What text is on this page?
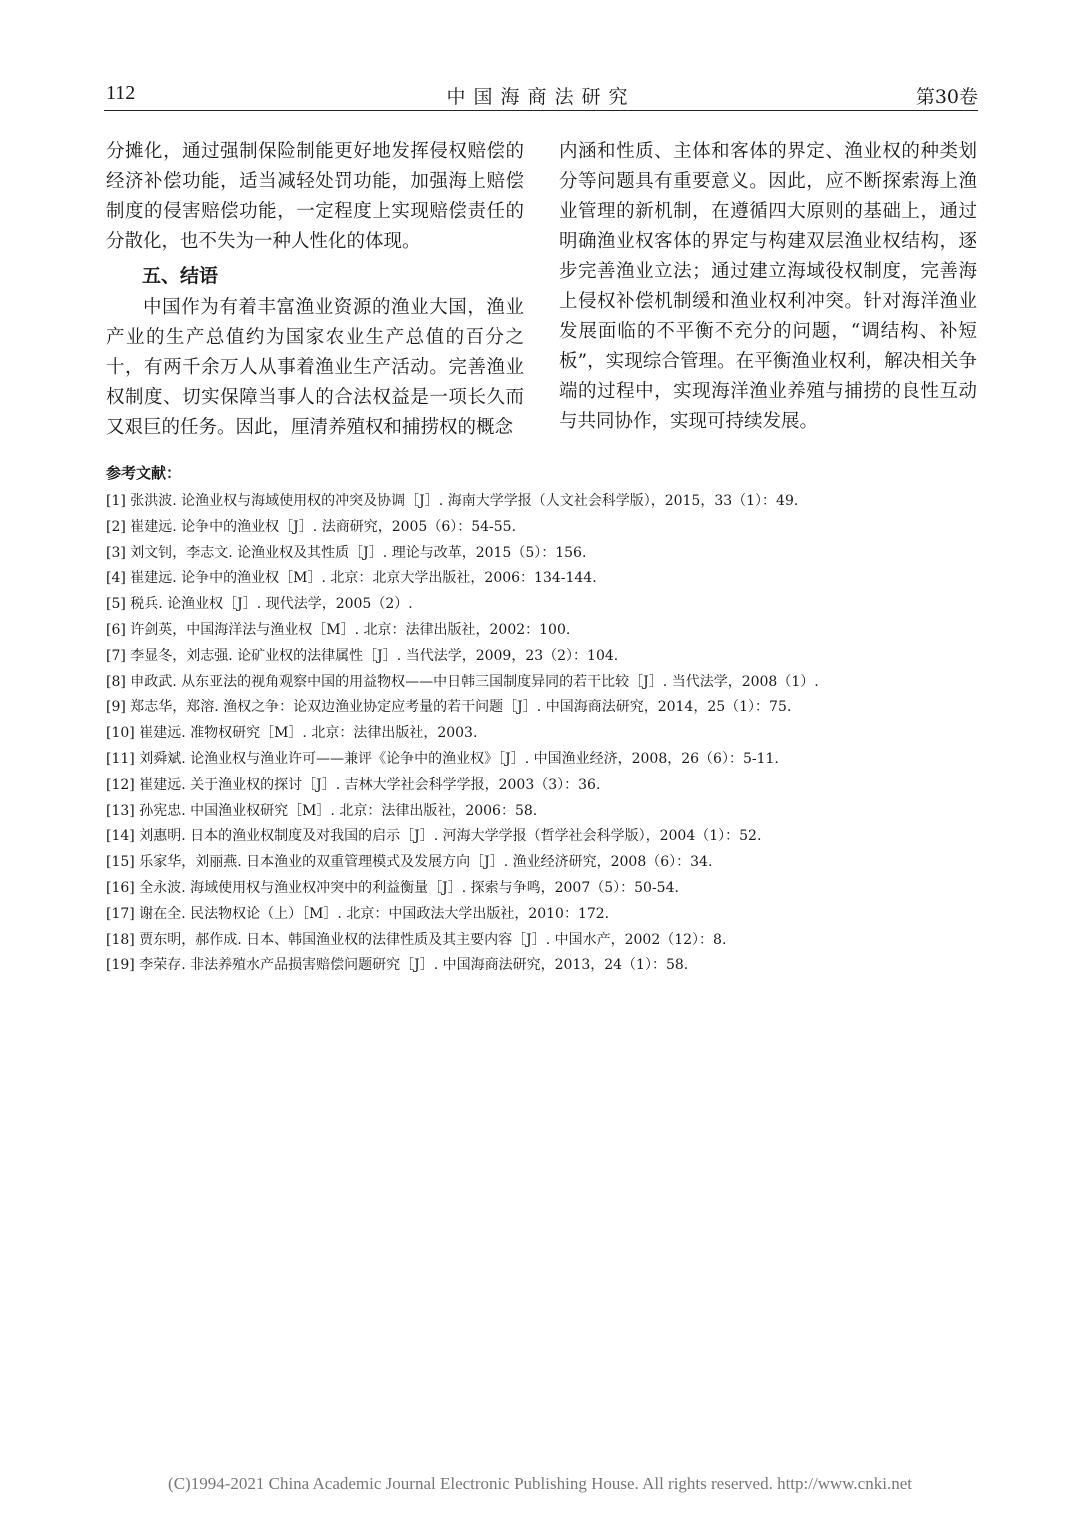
112	中国海商法研究	第30卷

分摊化，通过强制保险制能更好地发挥侵权赔偿的经济补偿功能，适当减轻处罚功能，加强海上赔偿制度的侵害赔偿功能，一定程度上实现赔偿责任的分散化，也不失为一种人性化的体现。

五、结语

中国作为有着丰富渔业资源的渔业大国，渔业产业的生产总值约为国家农业生产总值的百分之十，有两千余万人从事着渔业生产活动。完善渔业权制度、切实保障当事人的合法权益是一项长久而又艰巨的任务。因此，厘清养殖权和捕捞权的概念

内涵和性质、主体和客体的界定、渔业权的种类划分等问题具有重要意义。因此，应不断探索海上渔业管理的新机制，在遵循四大原则的基础上，通过明确渔业权客体的界定与构建双层渔业权结构，逐步完善渔业立法；通过建立海域役权制度，完善海上侵权补偿机制缓和渔业权利冲突。针对海洋渔业发展面临的不平衡不充分的问题，“调结构、补短板”，实现综合管理。在平衡渔业权利，解决相关争端的过程中，实现海洋渔业养殖与捕捞的良性互动与共同协作，实现可持续发展。

参考文献：
[1] 张洪波. 论渔业权与海域使用权的冲突及协调［J］. 海南大学学报（人文社会科学版），2015，33（1）：49.
[2] 崔建远. 论争中的渔业权［J］. 法商研究，2005（6）：54-55.
[3] 刘文钊，李志文. 论渔业权及其性质［J］. 理论与改革，2015（5）：156.
[4] 崔建远. 论争中的渔业权［M］. 北京：北京大学出版社，2006：134-144.
[5] 税兵. 论渔业权［J］. 现代法学，2005（2）.
[6] 许剑英，中国海洋法与渔业权［M］. 北京：法律出版社，2002：100.
[7] 李显冬，刘志强. 论矿业权的法律属性［J］. 当代法学，2009，23（2）：104.
[8] 申政武. 从东亚法的视角观察中国的用益物权——中日韩三国制度异同的若干比较［J］. 当代法学，2008（1）.
[9] 郑志华，郑溶. 渔权之争：论双边渔业协定应考量的若干问题［J］. 中国海商法研究，2014，25（1）：75.
[10] 崔建远. 准物权研究［M］. 北京：法律出版社，2003.
[11] 刘舜斌. 论渔业权与渔业许可——兼评《论争中的渔业权》［J］. 中国渔业经济，2008，26（6）：5-11.
[12] 崔建远. 关于渔业权的探讨［J］. 吉林大学社会科学学报，2003（3）：36.
[13] 孙宪忠. 中国渔业权研究［M］. 北京：法律出版社，2006：58.
[14] 刘惠明. 日本的渔业权制度及对我国的启示［J］. 河海大学学报（哲学社会科学版），2004（1）：52.
[15] 乐家华，刘丽燕. 日本渔业的双重管理模式及发展方向［J］. 渔业经济研究，2008（6）：34.
[16] 全永波. 海域使用权与渔业权冲突中的利益衡量［J］. 探索与争鸣，2007（5）：50-54.
[17] 谢在全. 民法物权论（上）［M］. 北京：中国政法大学出版社，2010：172.
[18] 贾东明，郝作成. 日本、韩国渔业权的法律性质及其主要内容［J］. 中国水产，2002（12）：8.
[19] 李荣存. 非法养殖水产品损害赔偿问题研究［J］. 中国海商法研究，2013，24（1）：58.
(C)1994-2021 China Academic Journal Electronic Publishing House. All rights reserved. http://www.cnki.net
